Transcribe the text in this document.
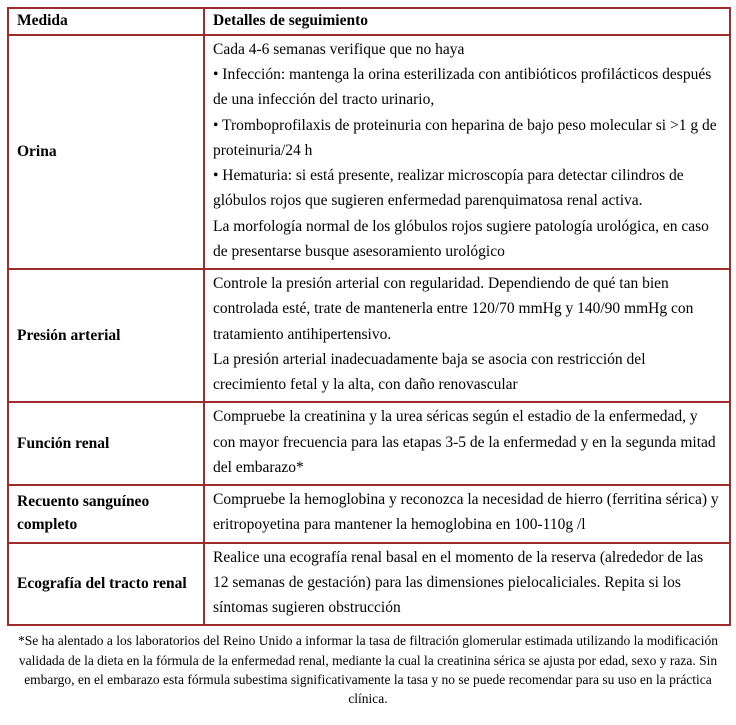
Medida	Detalles de seguimiento
Orina	Cada 4-6 semanas verifique que no haya

• Infección: mantenga la orina esterilizada con antibióticos profilácticos después de una infección del tracto urinario,

• Tromboprofilaxis de proteinuria con heparina de bajo peso molecular si >1 g de proteinuria/24 h

• Hematuria: si está presente, realizar microscopía para detectar cilindros de glóbulos rojos que sugieren enfermedad parenquimatosa renal activa.

La morfología normal de los glóbulos rojos sugiere patología urológica, en caso de presentarse busque asesoramiento urológico

Presión arterial	Controle la presión arterial con regularidad. Dependiendo de qué tan bien controlada esté, trate de mantenerla entre 120/70 mmHg y 140/90 mmHg con tratamiento antihipertensivo.

La presión arterial inadecuadamente baja se asocia con restricción del crecimiento fetal y la alta, con daño renovascular

Función renal	Compruebe la creatinina y la urea séricas según el estadio de la enfermedad, y con mayor frecuencia para las etapas 3-5 de la enfermedad y en la segunda mitad del embarazo*

Recuento sanguíneo completo	Compruebe la hemoglobina y reconozca la necesidad de hierro (ferritina sérica) y eritropoyetina para mantener la hemoglobina en 100-110g /l

Ecografía del tracto renal	Realice una ecografía renal basal en el momento de la reserva (alrededor de las 12 semanas de gestación) para las dimensiones pielocaliciales. Repita si los síntomas sugieren obstrucción

*Se ha alentado a los laboratorios del Reino Unido a informar la tasa de filtración glomerular estimada utilizando la modificación validada de la dieta en la fórmula de la enfermedad renal, mediante la cual la creatinina sérica se ajusta por edad, sexo y raza. Sin embargo, en el embarazo esta fórmula subestima significativamente la tasa y no se puede recomendar para su uso en la práctica clínica.
